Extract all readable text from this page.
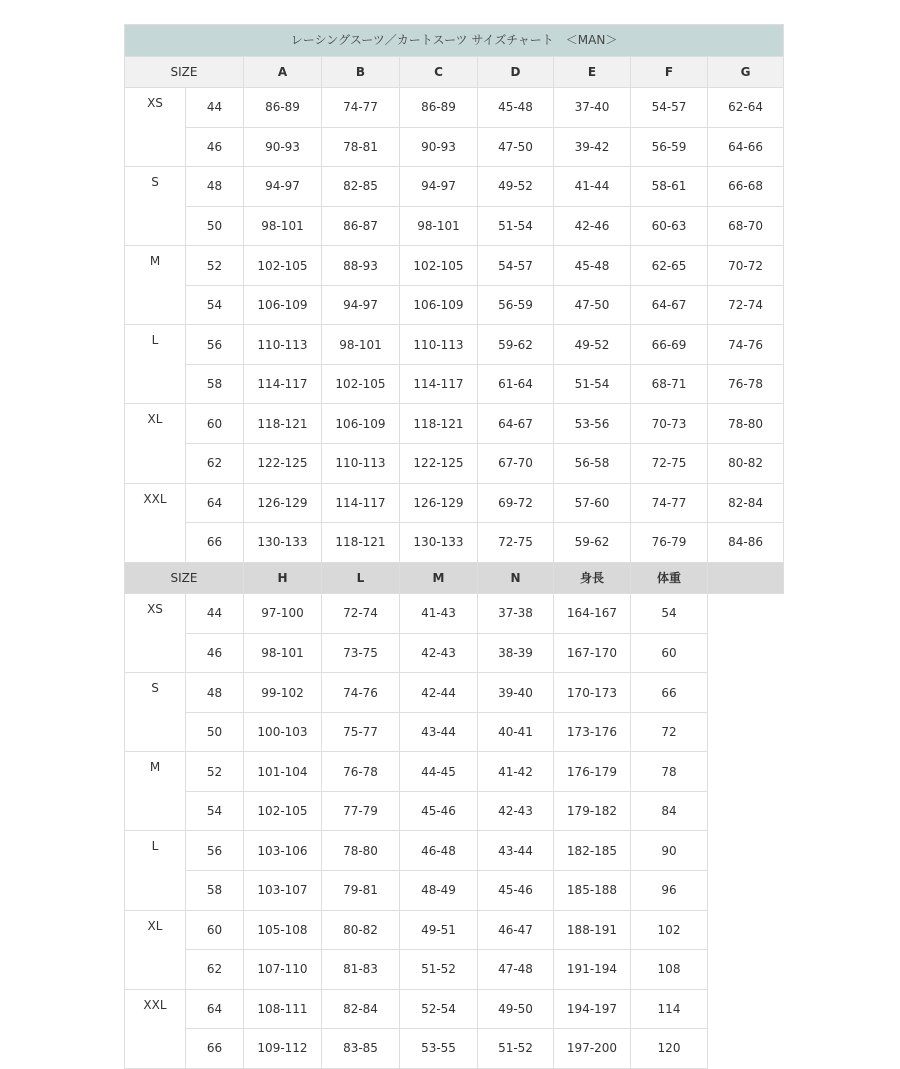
レーシングスーツ／カートスーツ サイズチャート　＜MAN＞								
SIZE		A	B	C	D	E	F	G
XS	44	86-89	74-77	86-89	45-48	37-40	54-57	62-64
	46	90-93	78-81	90-93	47-50	39-42	56-59	64-66
S	48	94-97	82-85	94-97	49-52	41-44	58-61	66-68
	50	98-101	86-87	98-101	51-54	42-46	60-63	68-70
M	52	102-105	88-93	102-105	54-57	45-48	62-65	70-72
	54	106-109	94-97	106-109	56-59	47-50	64-67	72-74
L	56	110-113	98-101	110-113	59-62	49-52	66-69	74-76
	58	114-117	102-105	114-117	61-64	51-54	68-71	76-78
XL	60	118-121	106-109	118-121	64-67	53-56	70-73	78-80
	62	122-125	110-113	122-125	67-70	56-58	72-75	80-82
XXL	64	126-129	114-117	126-129	69-72	57-60	74-77	82-84
	66	130-133	118-121	130-133	72-75	59-62	76-79	84-86
SIZE		H	L	M	N	身長	体重	
XS	44	97-100	72-74	41-43	37-38	164-167	54	
	46	98-101	73-75	42-43	38-39	167-170	60	
S	48	99-102	74-76	42-44	39-40	170-173	66	
	50	100-103	75-77	43-44	40-41	173-176	72	
M	52	101-104	76-78	44-45	41-42	176-179	78	
	54	102-105	77-79	45-46	42-43	179-182	84	
L	56	103-106	78-80	46-48	43-44	182-185	90	
	58	103-107	79-81	48-49	45-46	185-188	96	
XL	60	105-108	80-82	49-51	46-47	188-191	102	
	62	107-110	81-83	51-52	47-48	191-194	108	
XXL	64	108-111	82-84	52-54	49-50	194-197	114	
	66	109-112	83-85	53-55	51-52	197-200	120	
